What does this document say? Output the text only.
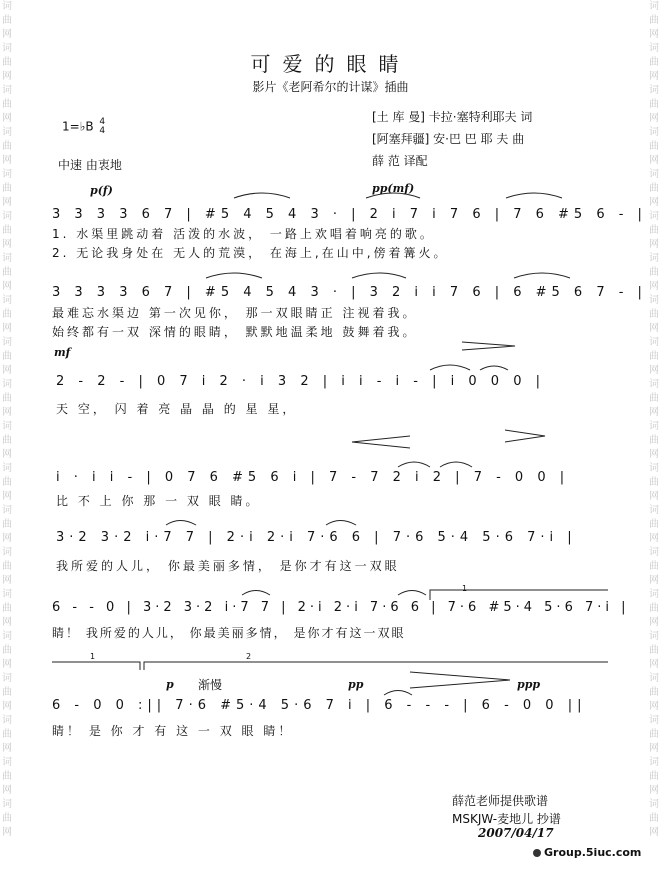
词曲网词曲网词曲网词曲网词曲网词曲网词曲网词曲网词曲网词曲网词曲网词曲网词曲网词曲网词曲网词曲网词曲网词曲网词曲网词曲网
词曲网词曲网词曲网词曲网词曲网词曲网词曲网词曲网词曲网词曲网词曲网词曲网词曲网词曲网词曲网词曲网词曲网词曲网词曲网词曲网
可爱的眼睛
影片《老阿希尔的计谋》插曲
1=♭B 4
4
中速 由衷地
[土 库 曼] 卡拉·塞特利耶夫 词
[阿塞拜疆] 安·巴 巴 耶 夫 曲
薛 范 译配
p(f)	pp(mf)
3 3 3 3 6 7 | #5 4 5 4 3 · | 2 i 7 i 7 6 | 7 6 #5 6 - |
1. 水渠里跳动着 活泼的水波， 一路上欢唱着响亮的歌。
2. 无论我身处在 无人的荒漠， 在海上,在山中,傍着篝火。
3 3 3 3 6 7 | #5 4 5 4 3 · | 3 2 i i 7 6 | 6 #5 6 7 - |
最难忘水渠边 第一次见你， 那一双眼睛正 注视着我。
始终都有一双 深情的眼睛， 默默地温柔地 鼓舞着我。
mf
2 - 2 - | 0 7 i 2 · i 3 2 | i i - i - | i 0 0 0 |
天 空， 闪 着 亮 晶 晶 的 星 星，
i · i i - | 0 7 6 #5 6 i | 7 - 7 2 i 2 | 7 - 0 0 |
比 不 上 你 那 一 双 眼 睛。
3·2 3·2 i·7 7 | 2·i 2·i 7·6 6 | 7·6 5·4 5·6 7·i |
我所爱的人儿， 你最美丽多情， 是你才有这一双眼
1
6 - - 0 | 3·2 3·2 i·7 7 | 2·i 2·i 7·6 6 | 7·6 #5·4 5·6 7·i |
睛！ 我所爱的人儿， 你最美丽多情， 是你才有这一双眼
1	2
p 渐慢	pp	ppp
6 - 0 0 :|| 7·6 #5·4 5·6 7 i | 6 - - - | 6 - 0 0 ||
睛！ 是 你 才 有 这 一 双 眼 睛！
薛范老师提供歌谱
MSKJW-麦地儿 抄谱
2007/04/17
Group.5iuc.com
